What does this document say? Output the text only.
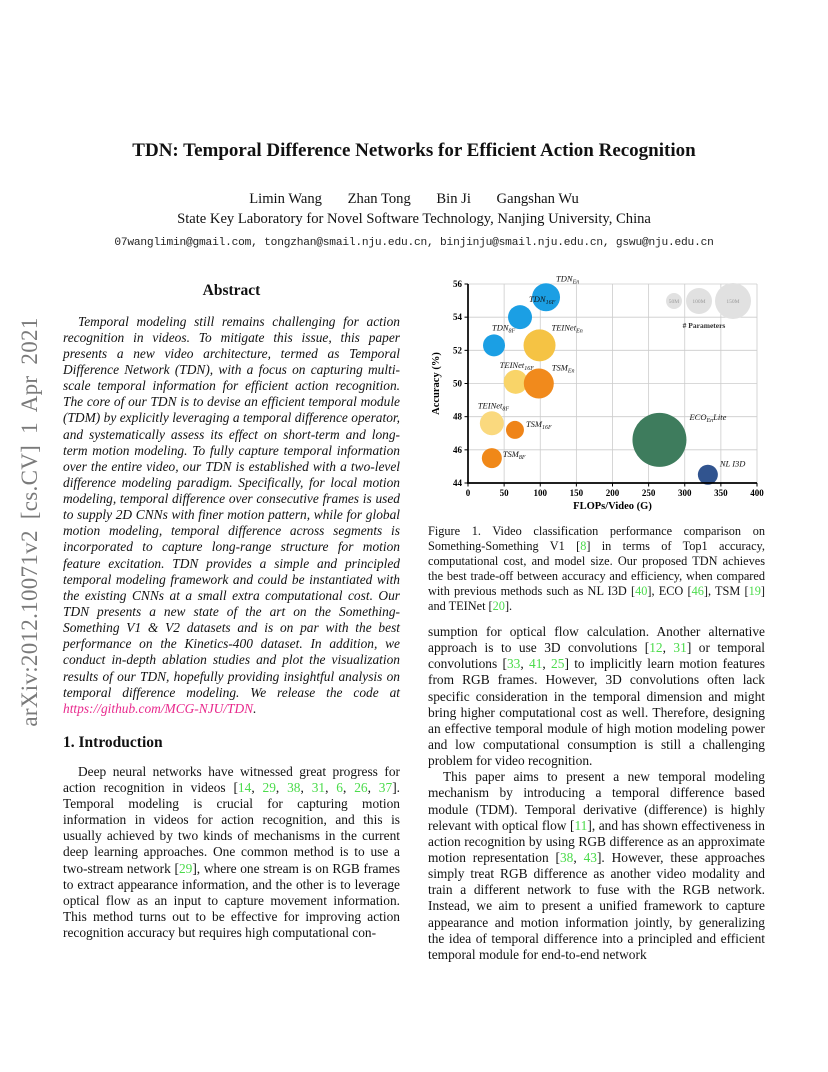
arXiv:2012.10071v2 [cs.CV] 1 Apr 2021
TDN: Temporal Difference Networks for Efficient Action Recognition
Limin Wang Zhan Tong Bin Ji Gangshan Wu
State Key Laboratory for Novel Software Technology, Nanjing University, China
07wanglimin@gmail.com, tongzhan@smail.nju.edu.cn, binjinju@smail.nju.edu.cn, gswu@nju.edu.cn
Abstract

Temporal modeling still remains challenging for action recognition in videos. To mitigate this issue, this paper presents a new video architecture, termed as Temporal Difference Network (TDN), with a focus on capturing multi-scale temporal information for efficient action recognition. The core of our TDN is to devise an efficient temporal module (TDM) by explicitly leveraging a temporal difference operator, and systematically assess its effect on short-term and long-term motion modeling. To fully capture temporal information over the entire video, our TDN is established with a two-level difference modeling paradigm. Specifically, for local motion modeling, temporal difference over consecutive frames is used to supply 2D CNNs with finer motion pattern, while for global motion modeling, temporal difference across segments is incorporated to capture long-range structure for motion feature excitation. TDN provides a simple and principled temporal modeling framework and could be instantiated with the existing CNNs at a small extra computational cost. Our TDN presents a new state of the art on the Something-Something V1 & V2 datasets and is on par with the best performance on the Kinetics-400 dataset. In addition, we conduct in-depth ablation studies and plot the visualization results of our TDN, hopefully providing insightful analysis on temporal difference modeling. We release the code at https://github.com/MCG-NJU/TDN.

1. Introduction

Deep neural networks have witnessed great progress for action recognition in videos [14, 29, 38, 31, 6, 26, 37]. Temporal modeling is crucial for capturing motion information in videos for action recognition, and this is usually achieved by two kinds of mechanisms in the current deep learning approaches. One common method is to use a two-stream network [29], where one stream is on RGB frames to extract appearance information, and the other is to leverage optical flow as an input to capture movement information. This method turns out to be effective for improving action recognition accuracy but requires high computational con-

50M 100M	150M
# Parameters
$TDN_{En}$
$TDN_{16F}$
$TDN_{8F}$	TEINet$_{En}$
TEINet$_{16F}$
TEINet$_{8F}$
$TSM_{En}$
$TSM_{16F}$
$TSM_{8F}$
$ECO_{En}Lite$
NL I3D
0	50	100	150	200	250	300	350	400
44
46
48
50
52
54
56
FLOPs/Video (G)
Accuracy (%)
Figure 1. Video classification performance comparison on Something-Something V1 [8] in terms of Top1 accuracy, computational cost, and model size. Our proposed TDN achieves the best trade-off between accuracy and efficiency, when compared with previous methods such as NL I3D [40], ECO [46], TSM [19] and TEINet [20].

sumption for optical flow calculation. Another alternative approach is to use 3D convolutions [12, 31] or temporal convolutions [33, 41, 25] to implicitly learn motion features from RGB frames. However, 3D convolutions often lack specific consideration in the temporal dimension and might bring higher computational cost as well. Therefore, designing an effective temporal module of high motion modeling power and low computational consumption is still a challenging problem for video recognition.

This paper aims to present a new temporal modeling mechanism by introducing a temporal difference based module (TDM). Temporal derivative (difference) is highly relevant with optical flow [11], and has shown effectiveness in action recognition by using RGB difference as an approximate motion representation [38, 43]. However, these approaches simply treat RGB difference as another video modality and train a different network to fuse with the RGB network. Instead, we aim to present a unified framework to capture appearance and motion information jointly, by generalizing the idea of temporal difference into a principled and efficient temporal module for end-to-end network
